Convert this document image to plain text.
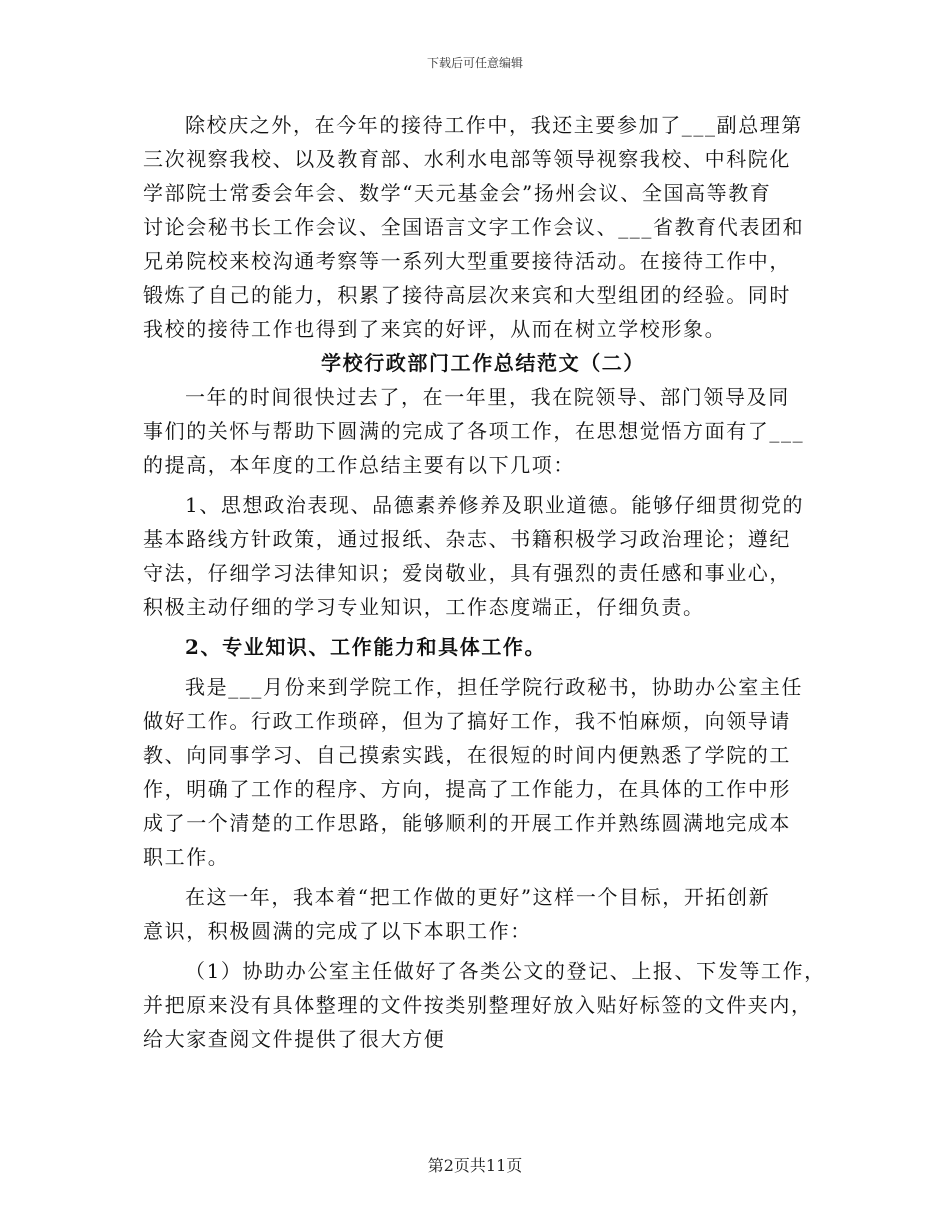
下载后可任意编辑
除校庆之外，在今年的接待工作中，我还主要参加了___副总理第
三次视察我校、以及教育部、水利水电部等领导视察我校、中科院化
学部院士常委会年会、数学“天元基金会”扬州会议、全国高等教育
讨论会秘书长工作会议、全国语言文字工作会议、___省教育代表团和
兄弟院校来校沟通考察等一系列大型重要接待活动。在接待工作中，
锻炼了自己的能力，积累了接待高层次来宾和大型组团的经验。同时
我校的接待工作也得到了来宾的好评，从而在树立学校形象。
学校行政部门工作总结范文（二）
一年的时间很快过去了，在一年里，我在院领导、部门领导及同
事们的关怀与帮助下圆满的完成了各项工作，在思想觉悟方面有了___
的提高，本年度的工作总结主要有以下几项：
1、思想政治表现、品德素养修养及职业道德。能够仔细贯彻党的
基本路线方针政策，通过报纸、杂志、书籍积极学习政治理论；遵纪
守法，仔细学习法律知识；爱岗敬业，具有强烈的责任感和事业心，
积极主动仔细的学习专业知识，工作态度端正，仔细负责。
2、专业知识、工作能力和具体工作。
我是___月份来到学院工作，担任学院行政秘书，协助办公室主任
做好工作。行政工作琐碎，但为了搞好工作，我不怕麻烦，向领导请
教、向同事学习、自己摸索实践，在很短的时间内便熟悉了学院的工
作，明确了工作的程序、方向，提高了工作能力，在具体的工作中形
成了一个清楚的工作思路，能够顺利的开展工作并熟练圆满地完成本
职工作。
在这一年，我本着“把工作做的更好”这样一个目标，开拓创新
意识，积极圆满的完成了以下本职工作：
（1）协助办公室主任做好了各类公文的登记、上报、下发等工作，
并把原来没有具体整理的文件按类别整理好放入贴好标签的文件夹内，
给大家查阅文件提供了很大方便
第2页共11页
